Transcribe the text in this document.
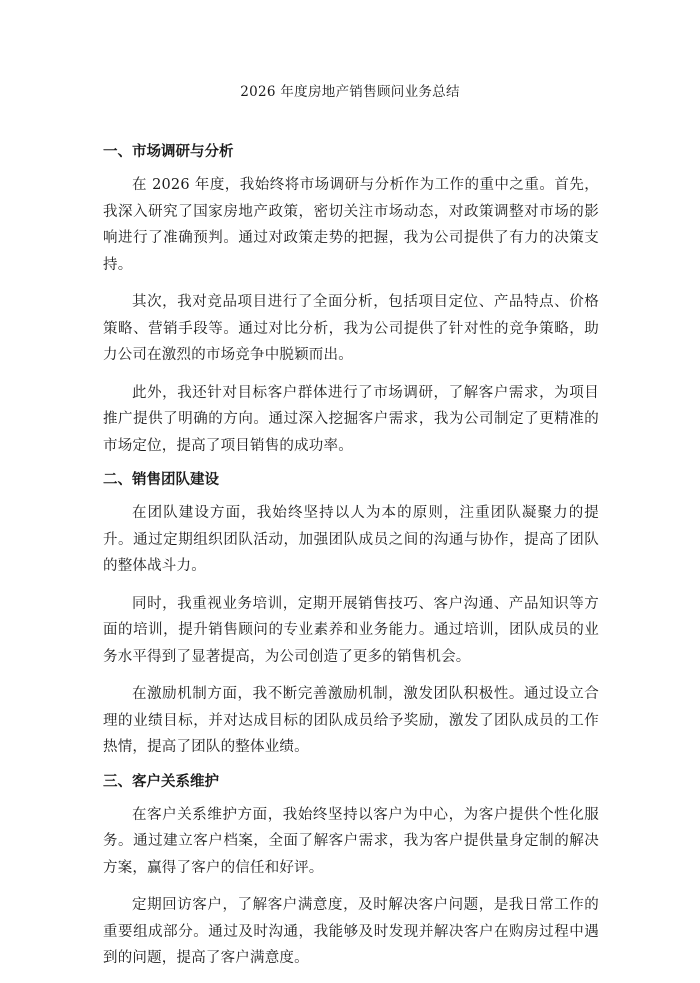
2026 年度房地产销售顾问业务总结
一、市场调研与分析

在 2026 年度，我始终将市场调研与分析作为工作的重中之重。首先，我深入研究了国家房地产政策，密切关注市场动态，对政策调整对市场的影响进行了准确预判。通过对政策走势的把握，我为公司提供了有力的决策支持。

其次，我对竞品项目进行了全面分析，包括项目定位、产品特点、价格策略、营销手段等。通过对比分析，我为公司提供了针对性的竞争策略，助力公司在激烈的市场竞争中脱颖而出。

此外，我还针对目标客户群体进行了市场调研，了解客户需求，为项目推广提供了明确的方向。通过深入挖掘客户需求，我为公司制定了更精准的市场定位，提高了项目销售的成功率。

二、销售团队建设

在团队建设方面，我始终坚持以人为本的原则，注重团队凝聚力的提升。通过定期组织团队活动，加强团队成员之间的沟通与协作，提高了团队的整体战斗力。

同时，我重视业务培训，定期开展销售技巧、客户沟通、产品知识等方面的培训，提升销售顾问的专业素养和业务能力。通过培训，团队成员的业务水平得到了显著提高，为公司创造了更多的销售机会。

在激励机制方面，我不断完善激励机制，激发团队积极性。通过设立合理的业绩目标，并对达成目标的团队成员给予奖励，激发了团队成员的工作热情，提高了团队的整体业绩。

三、客户关系维护

在客户关系维护方面，我始终坚持以客户为中心，为客户提供个性化服务。通过建立客户档案，全面了解客户需求，我为客户提供量身定制的解决方案，赢得了客户的信任和好评。

定期回访客户，了解客户满意度，及时解决客户问题，是我日常工作的重要组成部分。通过及时沟通，我能够及时发现并解决客户在购房过程中遇到的问题，提高了客户满意度。
